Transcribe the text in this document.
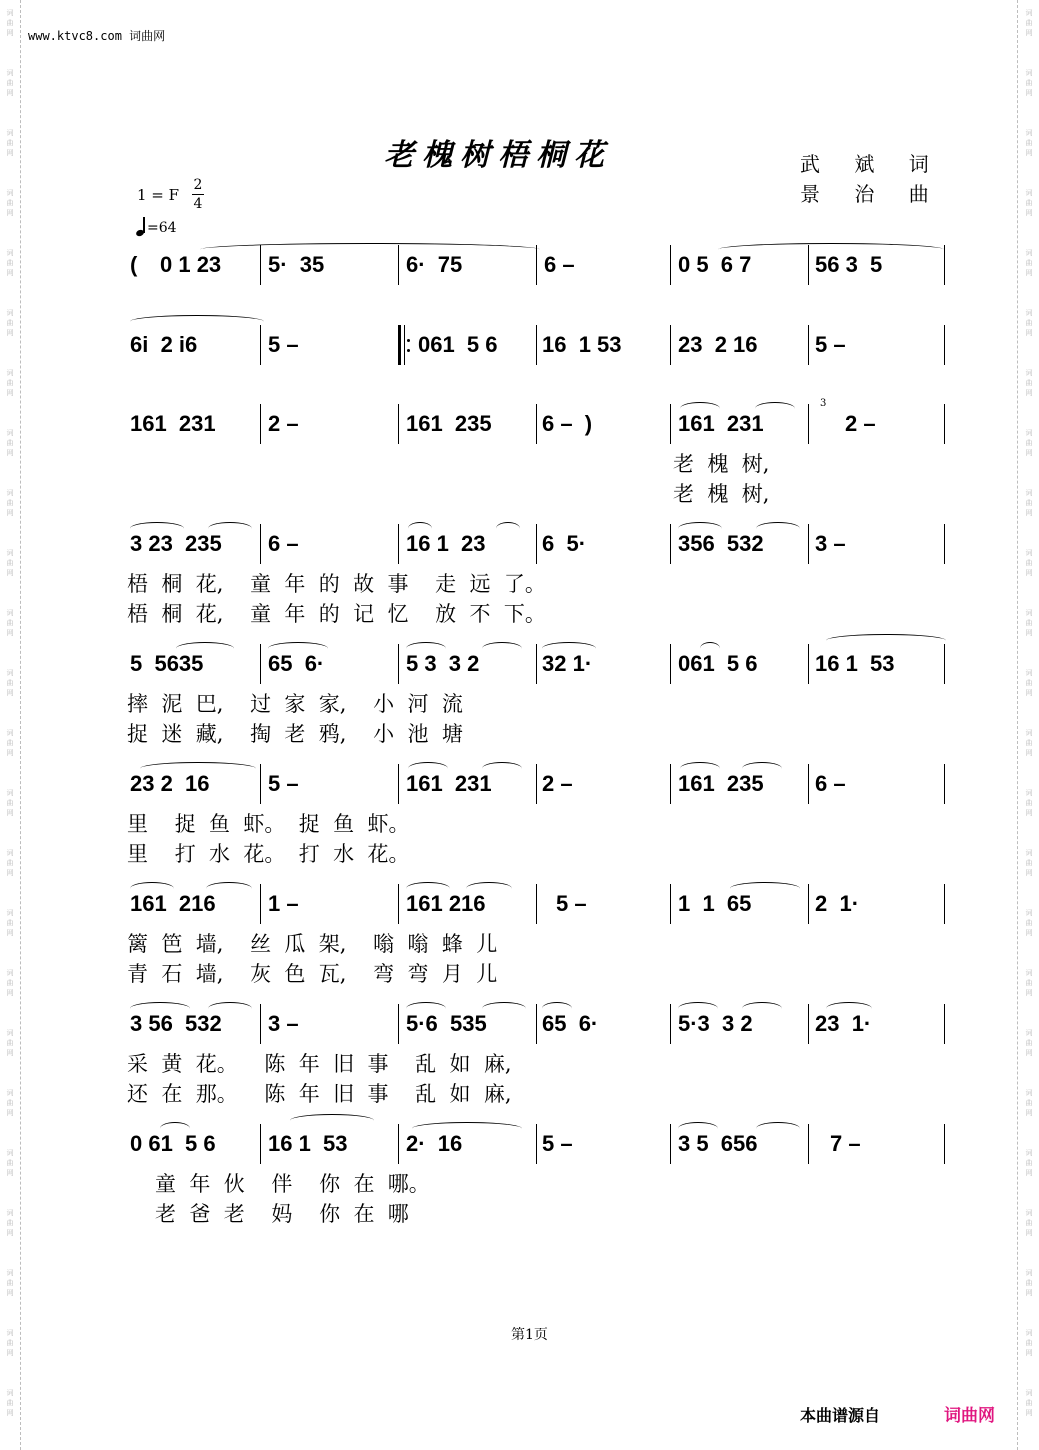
词
曲
网
词
曲
网
词
曲
网
词
曲
网
词
曲
网
词
曲
网
词
曲
网
词
曲
网
词
曲
网
词
曲
网
词
曲
网
词
曲
网
词
曲
网
词
曲
网
词
曲
网
词
曲
网
词
曲
网
词
曲
网
词
曲
网
词
曲
网
词
曲
网
词
曲
网
词
曲
网
词
曲
网
词
曲
网
词
曲
网
词
曲
网
词
曲
网
词
曲
网
词
曲
网
词
曲
网
词
曲
网
词
曲
网
词
曲
网
词
曲
网
词
曲
网
词
曲
网
词
曲
网
词
曲
网
词
曲
网
词
曲
网
词
曲
网
词
曲
网
词
曲
网
词
曲
网
词
曲
网
词
曲
网
词
曲
网
www.ktvc8.com 词曲网
老槐树梧桐花	武 斌 词
景 治 曲
1 = F
2
4
=64
( 0 1 23 5·  35	6·  75	6 –	0 5  6 7	56 3  5
6i  2 i6	5 –	061  5 6 16  1 53	23  2 16	5 –
161  231 2 –	161  235 6 –  )	161  231
3
2 –
老  槐  树,
老  槐  树,
3 23  235 6 –	16 1  23	6  5·	356  532 3 –
梧  桐  花,    童  年  的  故  事    走  远  了。
梧  桐  花,    童  年  的  记  忆    放  不  下。
5  5635	65  6·	5 3  3 2	32 1·	061  5 6	16 1  53
摔  泥  巴,    过  家  家,    小  河  流
捉  迷  藏,    掏  老  鸦,    小  池  塘
23 2  16	5 –	161  231 2 –	161  235 6 –
里    捉  鱼  虾。  捉  鱼  虾。
里    打  水  花。  打  水  花。
161  216 1 –	161 216	5 –	1  1  65	2  1·
篱  笆  墙,    丝  瓜  架,    嗡  嗡  蜂  儿
青  石  墙,    灰  色  瓦,    弯  弯  月  儿
3 56  532 3 –	5·6  535	65  6·	5·3  3 2	23  1·
采  黄  花。    陈  年  旧  事    乱  如  麻,
还  在  那。    陈  年  旧  事    乱  如  麻,
0 61  5 6 16 1  53	2·  16	5 –	3 5  656	7 –
童  年  伙    伴    你  在  哪。
老  爸  老    妈    你  在  哪
第1页
本曲谱源自	词曲网
